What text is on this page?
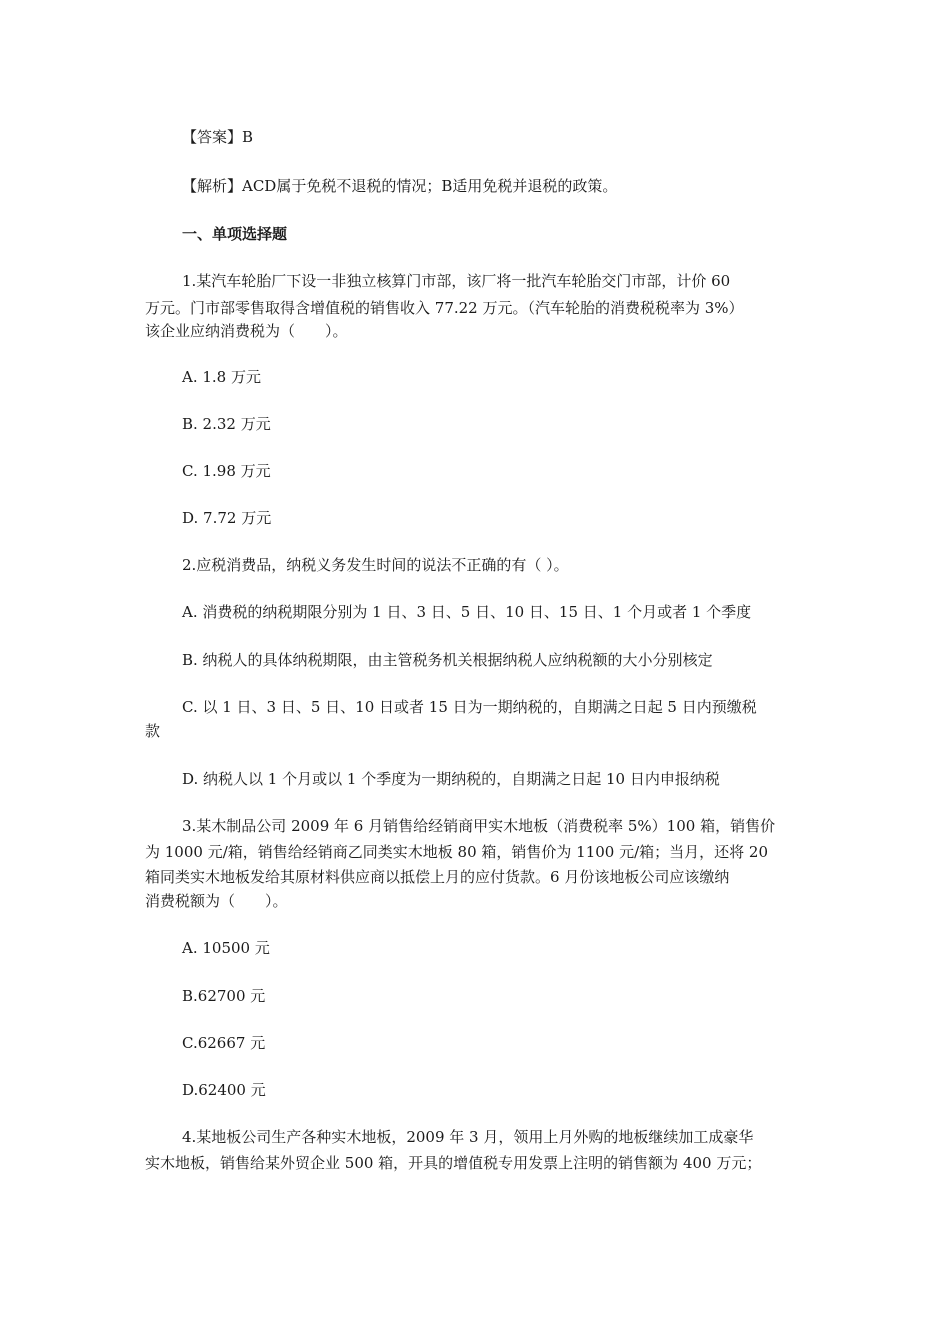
【答案】B

【解析】ACD属于免税不退税的情况；B适用免税并退税的政策。

一、单项选择题

1.某汽车轮胎厂下设一非独立核算门市部，该厂将一批汽车轮胎交门市部，计价 60

万元。门市部零售取得含增值税的销售收入 77.22 万元。（汽车轮胎的消费税税率为 3%）

该企业应纳消费税为（　　）。

A. 1.8 万元

B. 2.32 万元

C. 1.98 万元

D. 7.72 万元

2.应税消费品，纳税义务发生时间的说法不正确的有（ ）。

A. 消费税的纳税期限分别为 1 日、3 日、5 日、10 日、15 日、1 个月或者 1 个季度

B. 纳税人的具体纳税期限，由主管税务机关根据纳税人应纳税额的大小分别核定

C. 以 1 日、3 日、5 日、10 日或者 15 日为一期纳税的，自期满之日起 5 日内预缴税

款

D. 纳税人以 1 个月或以 1 个季度为一期纳税的，自期满之日起 10 日内申报纳税

3.某木制品公司 2009 年 6 月销售给经销商甲实木地板（消费税率 5%）100 箱，销售价

为 1000 元/箱，销售给经销商乙同类实木地板 80 箱，销售价为 1100 元/箱；当月，还将 20

箱同类实木地板发给其原材料供应商以抵偿上月的应付货款。6 月份该地板公司应该缴纳

消费税额为（　　）。

A. 10500 元

B.62700 元

C.62667 元

D.62400 元

4.某地板公司生产各种实木地板，2009 年 3 月，领用上月外购的地板继续加工成豪华

实木地板，销售给某外贸企业 500 箱，开具的增值税专用发票上注明的销售额为 400 万元；
